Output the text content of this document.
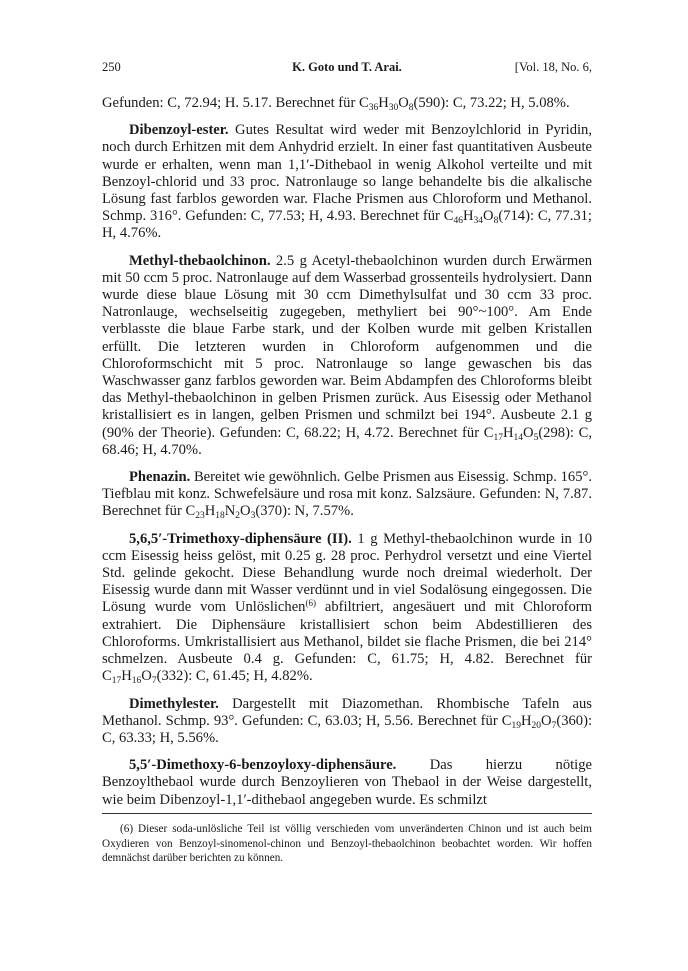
250	K. Goto und T. Arai.	[Vol. 18, No. 6,

Gefunden: C, 72.94; H. 5.17. Berechnet für $C_{36}H_{30}O_8(590)$: C, 73.22; H, 5.08%.

Dibenzoyl-ester. Gutes Resultat wird weder mit Benzoylchlorid in Pyridin, noch durch Erhitzen mit dem Anhydrid erzielt. In einer fast quantitativen Ausbeute wurde er erhalten, wenn man 1,1′-Dithebaol in wenig Alkohol verteilte und mit Benzoyl-chlorid und 33 proc. Natronlauge so lange behandelte bis die alkalische Lösung fast farblos geworden war. Flache Prismen aus Chloroform und Methanol. Schmp. 316°. Gefunden: C, 77.53; H, 4.93. Berechnet für $C_{46}H_{34}O_8(714)$: C, 77.31; H, 4.76%.

Methyl-thebaolchinon. 2.5 g Acetyl-thebaolchinon wurden durch Erwärmen mit 50 ccm 5 proc. Natronlauge auf dem Wasserbad grossenteils hydrolysiert. Dann wurde diese blaue Lösung mit 30 ccm Dimethylsulfat und 30 ccm 33 proc. Natronlauge, wechselseitig zugegeben, methyliert bei 90°~100°. Am Ende verblasste die blaue Farbe stark, und der Kolben wurde mit gelben Kristallen erfüllt. Die letzteren wurden in Chloroform aufgenommen und die Chloroformschicht mit 5 proc. Natronlauge so lange gewaschen bis das Waschwasser ganz farblos geworden war. Beim Abdampfen des Chloroforms bleibt das Methyl-thebaolchinon in gelben Prismen zurück. Aus Eisessig oder Methanol kristallisiert es in langen, gelben Prismen und schmilzt bei 194°. Ausbeute 2.1 g (90% der Theorie). Gefunden: C, 68.22; H, 4.72. Berechnet für $C_{17}H_{14}O_5(298)$: C, 68.46; H, 4.70%.

Phenazin. Bereitet wie gewöhnlich. Gelbe Prismen aus Eisessig. Schmp. 165°. Tiefblau mit konz. Schwefelsäure und rosa mit konz. Salzsäure. Gefunden: N, 7.87. Berechnet für $C_{23}H_{18}N_2O_3(370)$: N, 7.57%.

5,6,5′-Trimethoxy-diphensäure (II). 1 g Methyl-thebaolchinon wurde in 10 ccm Eisessig heiss gelöst, mit 0.25 g. 28 proc. Perhydrol versetzt und eine Viertel Std. gelinde gekocht. Diese Behandlung wurde noch dreimal wiederholt. Der Eisessig wurde dann mit Wasser verdünnt und in viel Sodalösung eingegossen. Die Lösung wurde vom Unlöslichen$^{(6)}$ abfiltriert, angesäuert und mit Chloroform extrahiert. Die Diphensäure kristallisiert schon beim Abdestillieren des Chloroforms. Umkristallisiert aus Methanol, bildet sie flache Prismen, die bei 214° schmelzen. Ausbeute 0.4 g. Gefunden: C, 61.75; H, 4.82. Berechnet für $C_{17}H_{16}O_7(332)$: C, 61.45; H, 4.82%.

Dimethylester. Dargestellt mit Diazomethan. Rhombische Tafeln aus Methanol. Schmp. 93°. Gefunden: C, 63.03; H, 5.56. Berechnet für $C_{19}H_{20}O_7(360)$: C, 63.33; H, 5.56%.

5,5′-Dimethoxy-6-benzoyloxy-diphensäure. Das hierzu nötige Benzoylthebaol wurde durch Benzoylieren von Thebaol in der Weise dargestellt, wie beim Dibenzoyl-1,1′-dithebaol angegeben wurde. Es schmilzt

(6) Dieser soda-unlösliche Teil ist völlig verschieden vom unveränderten Chinon und ist auch beim Oxydieren von Benzoyl-sinomenol-chinon und Benzoyl-thebaolchinon beobachtet worden. Wir hoffen demnächst darüber berichten zu können.
